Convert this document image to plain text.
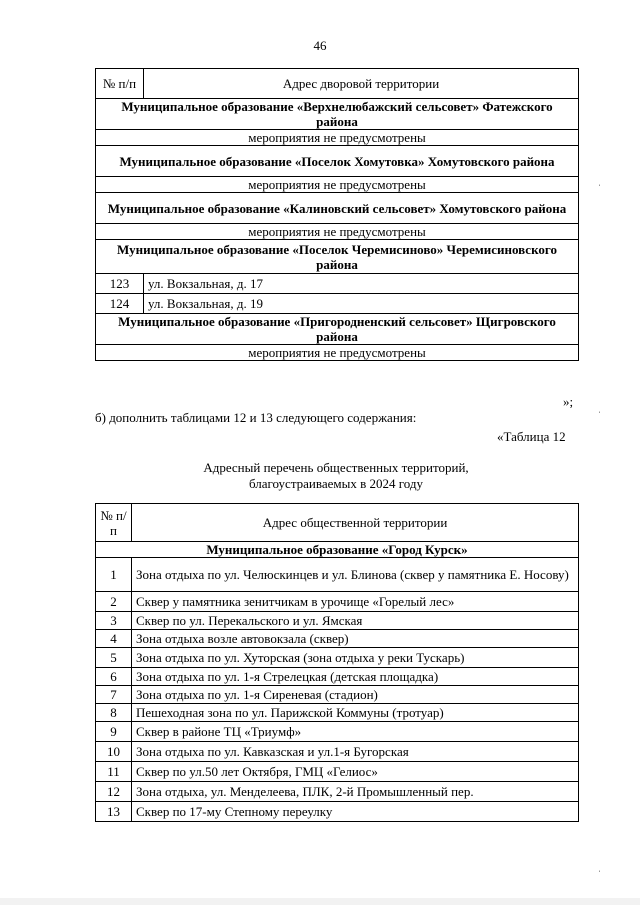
46
№ п/п	Адрес дворовой территории
Муниципальное образование «Верхнелюбажский сельсовет» Фатежского района	
мероприятия не предусмотрены	
Муниципальное образование «Поселок Хомутовка» Хомутовского района	
мероприятия не предусмотрены	
Муниципальное образование «Калиновский сельсовет» Хомутовского района	
мероприятия не предусмотрены	
Муниципальное образование «Поселок Черемисиново» Черемисиновского района	
123	ул. Вокзальная, д. 17
124	ул. Вокзальная, д. 19
Муниципальное образование «Пригородненский сельсовет» Щигровского района	
мероприятия не предусмотрены	
»;
б) дополнить таблицами 12 и 13 следующего содержания:
«Таблица 12
Адресный перечень общественных территорий,
благоустраиваемых в 2024 году
№ п/п	Адрес общественной территории
Муниципальное образование «Город Курск»	
1	Зона отдыха по ул. Челюскинцев и ул. Блинова (сквер у памятника Е. Носову)
2	Сквер у памятника зенитчикам в урочище «Горелый лес»
3	Сквер по ул. Перекальского и ул. Ямская
4	Зона отдыха возле автовокзала (сквер)
5	Зона отдыха по ул. Хуторская (зона отдыха у реки Тускарь)
6	Зона отдыха по ул. 1-я Стрелецкая (детская площадка)
7	Зона отдыха по ул. 1-я Сиреневая (стадион)
8	Пешеходная зона по ул. Парижской Коммуны (тротуар)
9	Сквер в районе ТЦ «Триумф»
10	Зона отдыха по ул. Кавказская и ул.1-я Бугорская
11	Сквер по ул.50 лет Октября, ГМЦ «Гелиос»
12	Зона отдыха, ул. Менделеева, ПЛК, 2-й Промышленный пер.
13	Сквер по 17-му Степному переулку
ˌ
ˌ
ˌ
